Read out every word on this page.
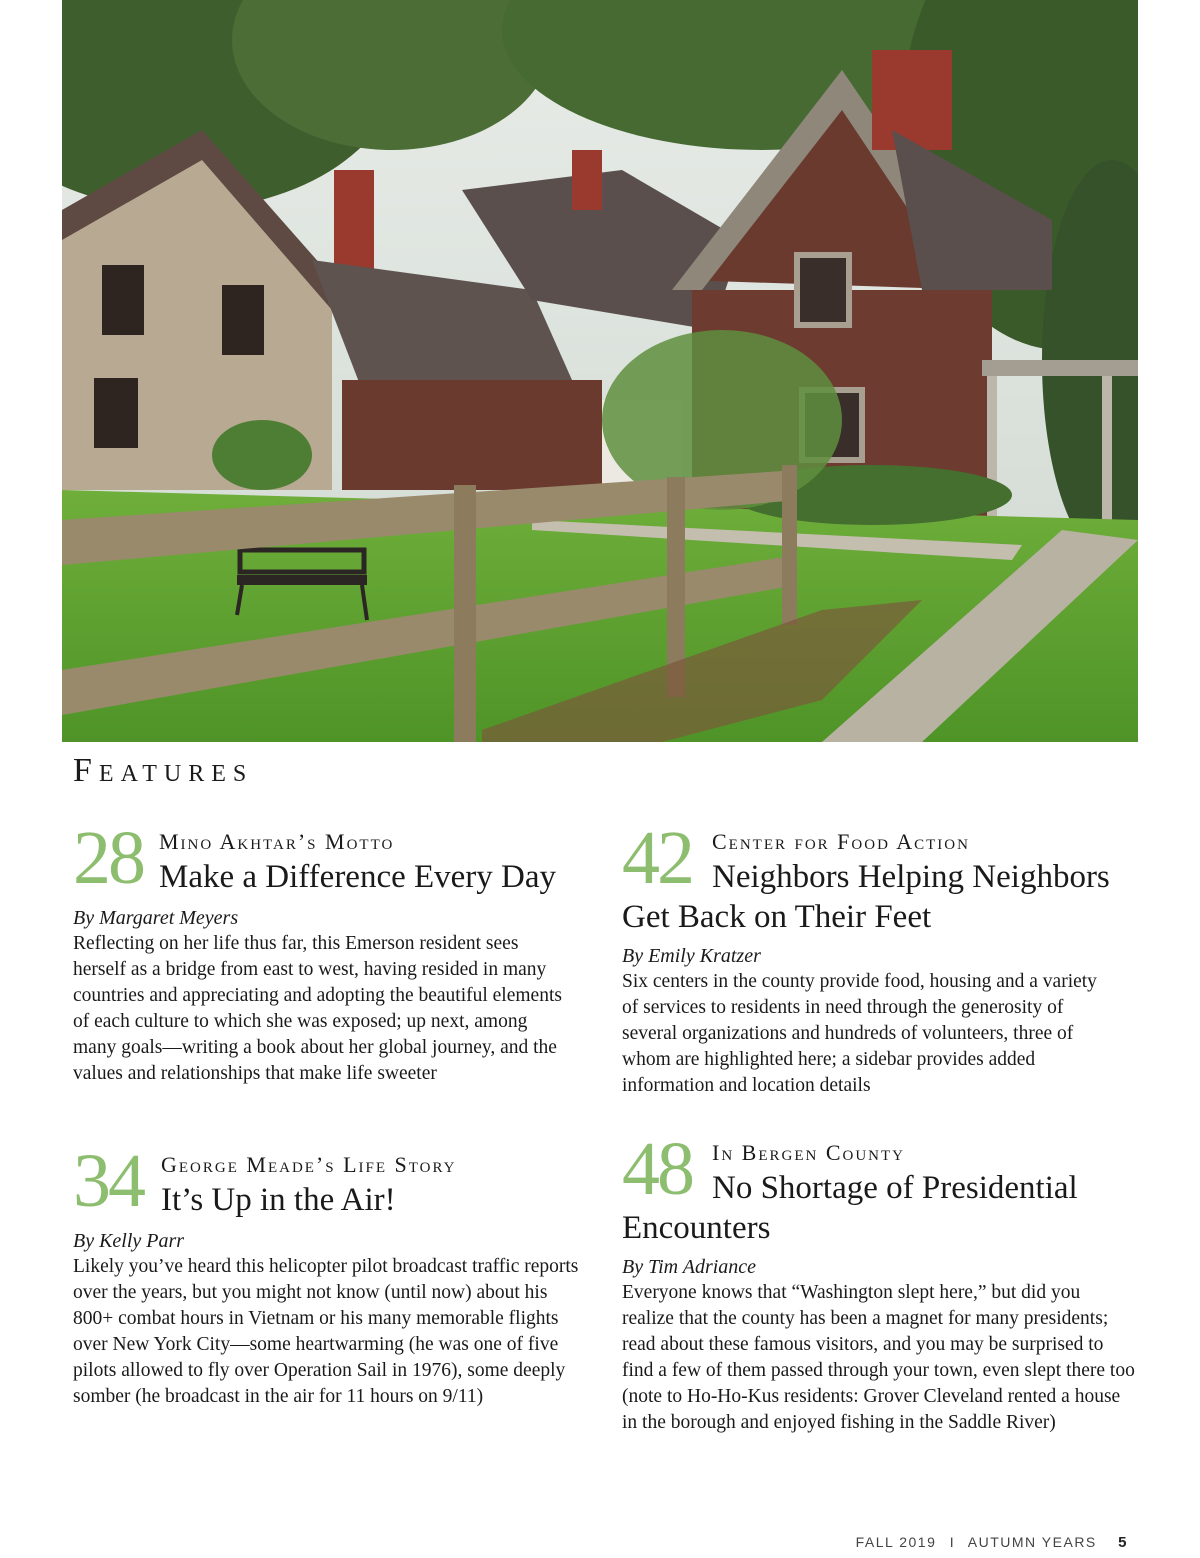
Features
28 Mino Akhtar’s Motto
Make a Difference Every Day
By Margaret Meyers
Reflecting on her life thus far, this Emerson resident sees herself as a bridge from east to west, having resided in many countries and appreciating and adopting the beautiful elements of each culture to which she was exposed; up next, among many goals—writing a book about her global journey, and the values and relationships that make life sweeter
34 George Meade’s Life Story
It’s Up in the Air!
By Kelly Parr
Likely you’ve heard this helicopter pilot broadcast traffic reports over the years, but you might not know (until now) about his 800+ combat hours in Vietnam or his many memorable flights over New York City—some heartwarming (he was one of five pilots allowed to fly over Operation Sail in 1976), some deeply somber (he broadcast in the air for 11 hours on 9/11)
42 Center for Food Action
Neighbors Helping Neighbors Get Back on Their Feet
By Emily Kratzer
Six centers in the county provide food, housing and a variety of services to residents in need through the generosity of several organizations and hundreds of volunteers, three of whom are highlighted here; a sidebar provides added information and location details
48 In Bergen County
No Shortage of Presidential Encounters
By Tim Adriance
Everyone knows that “Washington slept here,” but did you realize that the county has been a magnet for many presidents; read about these famous visitors, and you may be surprised to find a few of them passed through your town, even slept there too (note to Ho-Ho-Kus residents: Grover Cleveland rented a house in the borough and enjoyed fishing in the Saddle River)
FALL 2019 I AUTUMN YEARS 5
